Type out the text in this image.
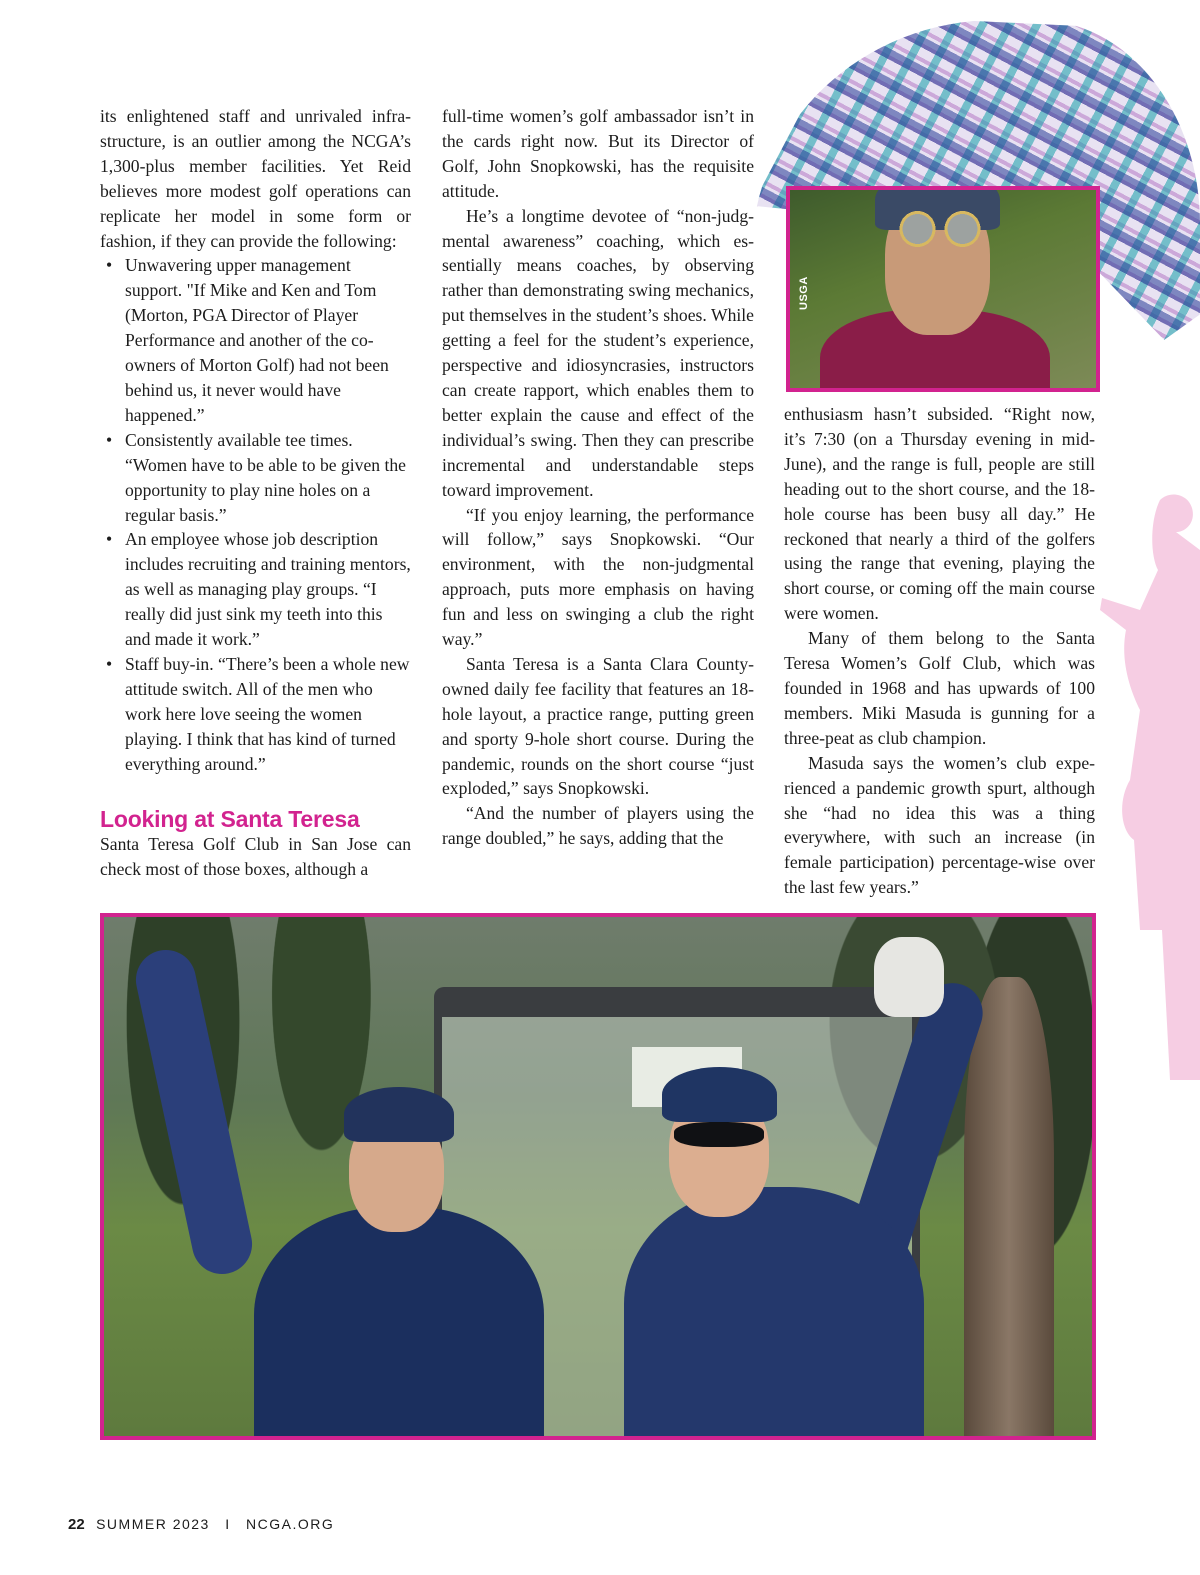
USGA

its enlightened staff and unrivaled infrastructure, is an outlier among the NCGA’s 1,300-plus member facilities. Yet Reid believes more modest golf operations can replicate her model in some form or fashion, if they can provide the following:

• Unwavering upper management support. "If Mike and Ken and Tom (Morton, PGA Director of Player Performance and another of the co-owners of Morton Golf) had not been behind us, it never would have happened.”
• Consistently available tee times. “Women have to be able to be given the opportunity to play nine holes on a regular basis.”
• An employee whose job description includes recruiting and training mentors, as well as managing play groups. “I really did just sink my teeth into this and made it work.”
• Staff buy-in. “There’s been a whole new attitude switch. All of the men who work here love seeing the women playing. I think that has kind of turned everything around.”
Looking at Santa Teresa

Santa Teresa Golf Club in San Jose can check most of those boxes, although a

full-time women’s golf ambassador isn’t in the cards right now. But its Director of Golf, John Snopkowski, has the requisite attitude.

He’s a longtime devotee of “non-judgmental awareness” coaching, which essentially means coaches, by observing rather than demonstrating swing mechanics, put themselves in the student’s shoes. While getting a feel for the student’s experience, perspective and idiosyncrasies, instructors can create rapport, which enables them to better explain the cause and effect of the individual’s swing. Then they can prescribe incremental and understandable steps toward improvement.

“If you enjoy learning, the performance will follow,” says Snopkowski. “Our environment, with the non-judgmental approach, puts more emphasis on having fun and less on swinging a club the right way.”

Santa Teresa is a Santa Clara County-owned daily fee facility that features an 18-hole layout, a practice range, putting green and sporty 9-hole short course. During the pandemic, rounds on the short course “just exploded,” says Snopkowski.

“And the number of players using the range doubled,” he says, adding that the

enthusiasm hasn’t subsided. “Right now, it’s 7:30 (on a Thursday evening in mid-June), and the range is full, people are still heading out to the short course, and the 18-hole course has been busy all day.” He reckoned that nearly a third of the golfers using the range that evening, playing the short course, or coming off the main course were women.

Many of them belong to the Santa Teresa Women’s Golf Club, which was founded in 1968 and has upwards of 100 members. Miki Masuda is gunning for a three-peat as club champion.

Masuda says the women’s club experienced a pandemic growth spurt, although she “had no idea this was a thing everywhere, with such an increase (in female participation) percentage-wise over the last few years.”

22 SUMMER 2023 I NCGA.ORG
